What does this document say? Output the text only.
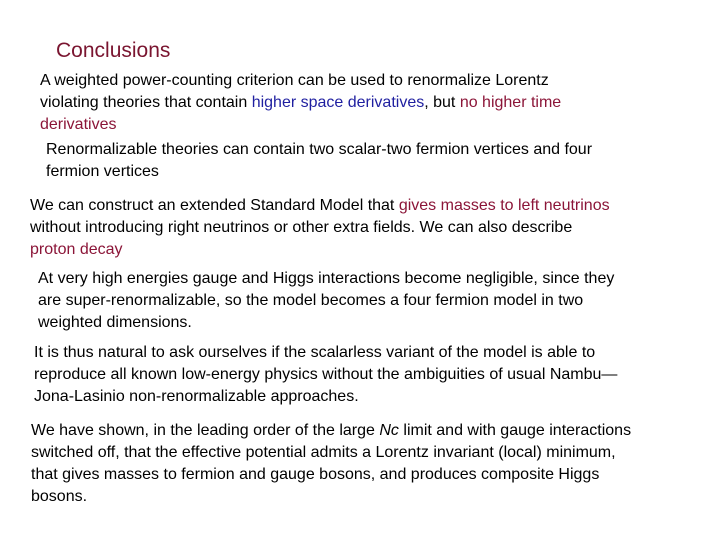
Conclusions
A weighted power-counting criterion can be used to renormalize Lorentz
violating theories that contain higher space derivatives, but no higher time
derivatives
Renormalizable theories can contain two scalar-two fermion vertices and four
fermion vertices
We can construct an extended Standard Model that gives masses to left neutrinos
without introducing right neutrinos or other extra fields. We can also describe
proton decay
At very high energies gauge and Higgs interactions become negligible, since they
are super-renormalizable, so the model becomes a four fermion model in two
weighted dimensions.
It is thus natural to ask ourselves if the scalarless variant of the model is able to
reproduce all known low-energy physics without the ambiguities of usual Nambu—
Jona-Lasinio non-renormalizable approaches.
We have shown, in the leading order of the large Nc limit and with gauge interactions
switched off, that the effective potential admits a Lorentz invariant (local) minimum,
that gives masses to fermion and gauge bosons, and produces composite Higgs
bosons.
